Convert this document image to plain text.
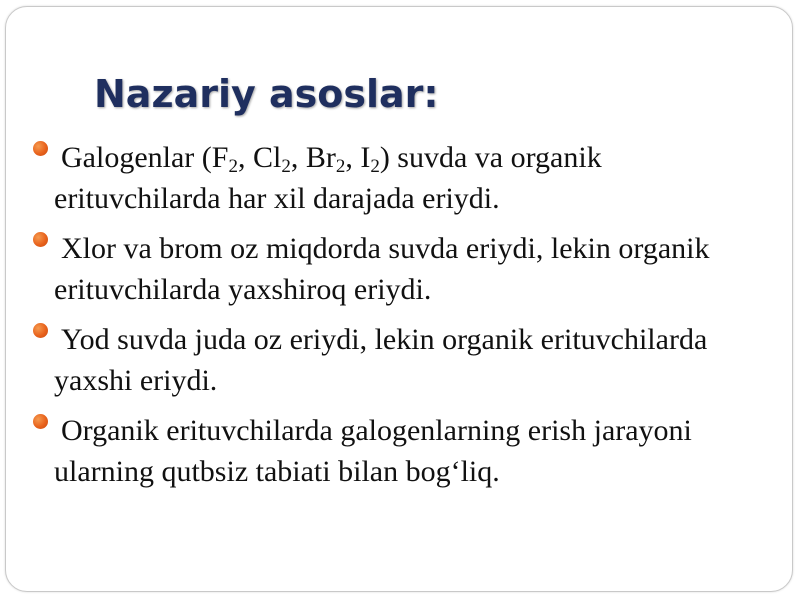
Nazariy asoslar:
Galogenlar ($F_2$, $Cl_2$, $Br_2$, $I_2$) suvda va organik erituvchilarda har xil darajada eriydi.
Xlor va brom oz miqdorda suvda eriydi, lekin organik erituvchilarda yaxshiroq eriydi.
Yod suvda juda oz eriydi, lekin organik erituvchilarda yaxshi eriydi.
Organik erituvchilarda galogenlarning erish jarayoni ularning qutbsiz tabiati bilan bog‘liq.
